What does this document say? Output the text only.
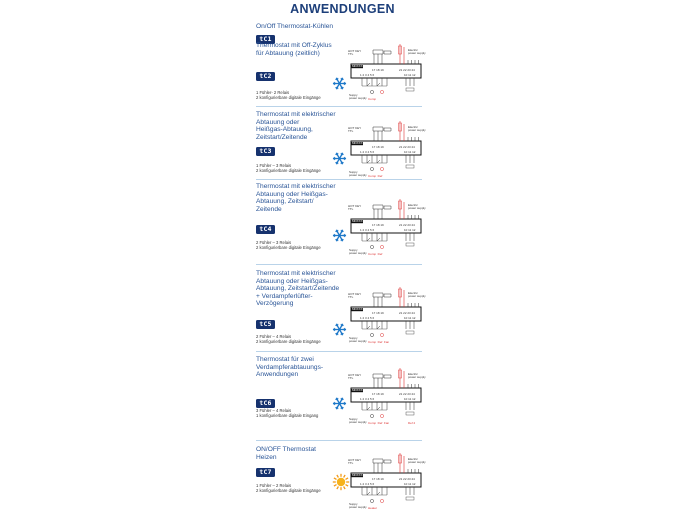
ANWENDUNGEN
On/Off Thermostat-Kühlen
tC1
Thermostat mit Off-Zyklus
für Abtauung (zeitlich)
tC2
1 Fühler- 2 Relais
2 konfigurierbare digitale Eingänge
HOT KEY
TTL
MDXXX
17 18 19	21 22 23 24
1 2 3 4 5 6	10 11 12
Suppy
power supply
Electric
power supply
Comp
Thermostat mit elektrischer
Abtauung oder
Heißgas-Abtauung,
Zeitstart/Zeitende
tC3
1 Fühler – 3 Relais
2 konfigurierbare digitale Eingänge
HOT KEY
TTL
MDXXX
17 18 19	21 22 23 24
1 2 3 4 5 6	10 11 12
Suppy
power supply
Electric
power supply
Comp  Def
Thermostat mit elektrischer
Abtauung oder Heißgas-
Abtauung, Zeitstart/
Zeitende
tC4
2 Fühler – 3 Relais
2 konfigurierbare digitale Eingänge
HOT KEY
TTL
MDXXX
17 18 19	21 22 23 24
1 2 3 4 5 6	10 11 12
Suppy
power supply
Electric
power supply
Comp  Def
Thermostat mit elektrischer
Abtauung oder Heißgas-
Abtauung, Zeitstart/Zeitende
+ Verdampferlüfter-
Verzögerung
tC5
2 Fühler – 4 Relais
2 konfigurierbare digitale Eingänge
HOT KEY
TTL
MDXXX
17 18 19	21 22 23 24
1 2 3 4 5 6	10 11 12
Suppy
power supply
Electric
power supply
Comp  Def  Fan
Thermostat für zwei
Verdampferabtauungs-
Anwendungen
tC6
3 Fühler – 4 Relais
1 konfigurierbare digitale Eingang
HOT KEY
TTL
MDXXX
17 18 19	21 22 23 24
1 2 3 4 5 6	10 11 12
Suppy
power supply
Electric
power supply
Comp  Def  Fan	Def 2
ON/OFF Thermostat
Heizen
tC7
1 Fühler – 2 Relais
2 konfigurierbare digitale Eingänge
HOT KEY
TTL
MDXXX
17 18 19	21 22 23 24
1 2 3 4 5 6	10 11 12
Suppy
power supply
Electric
power supply
Heater
